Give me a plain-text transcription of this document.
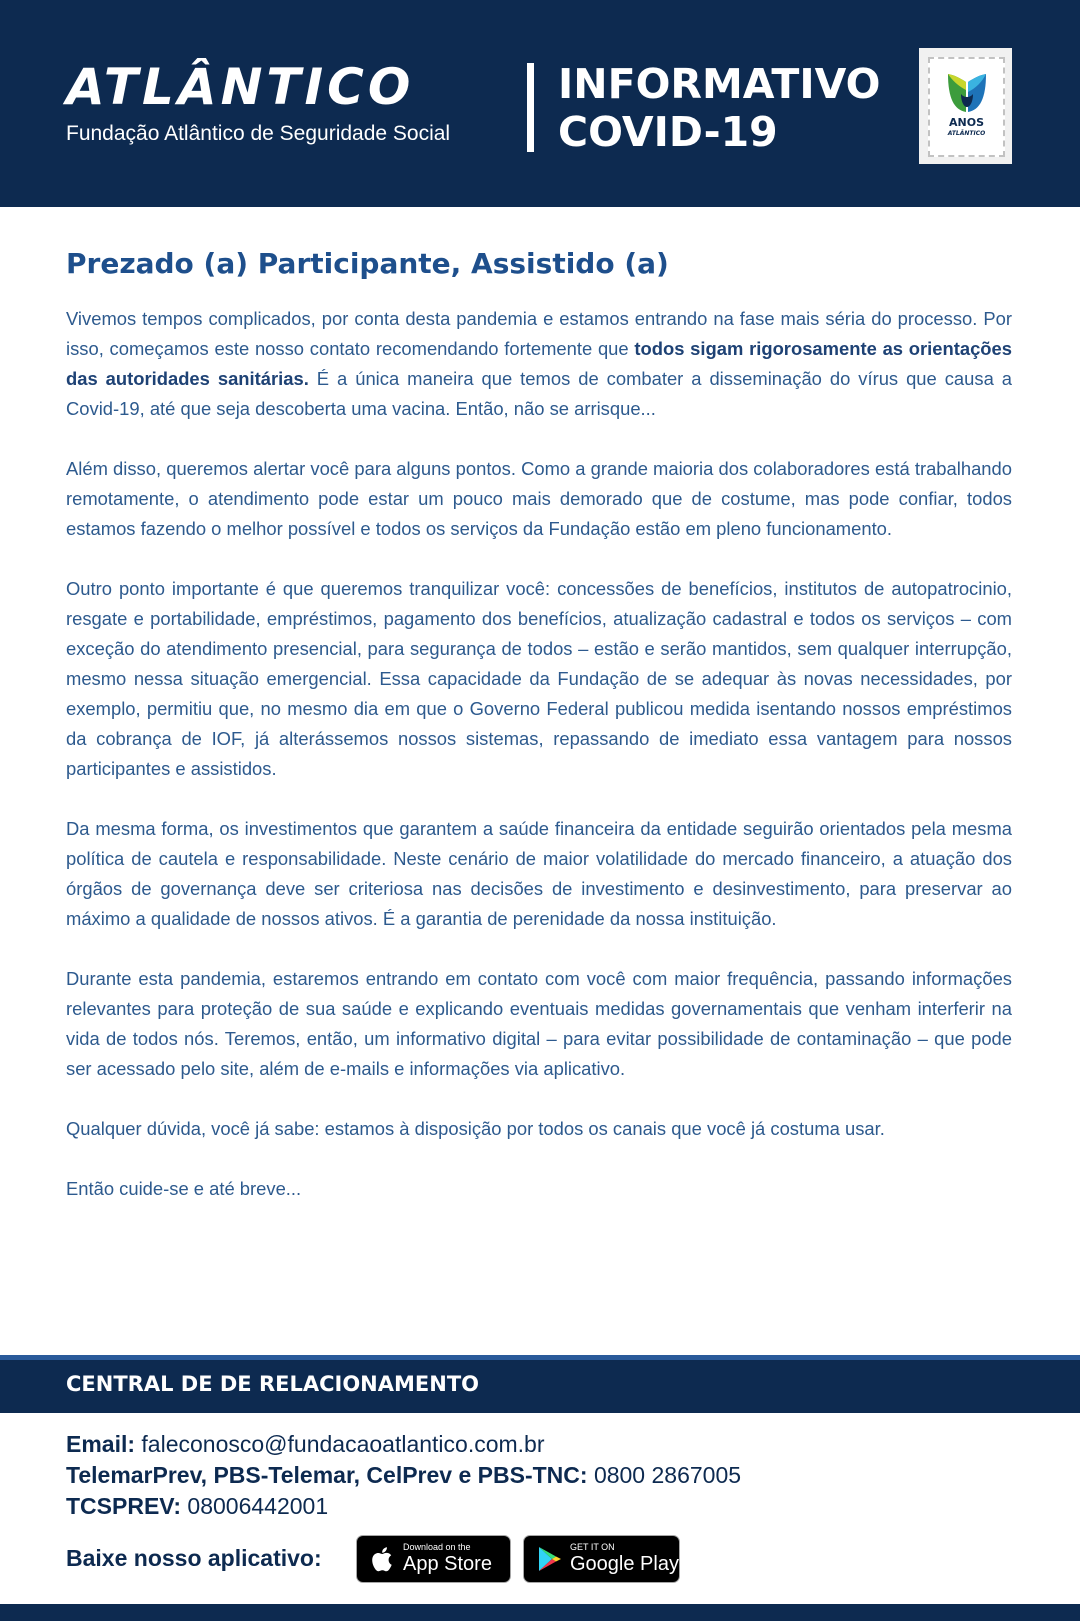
ATLÂNTICO

Fundação Atlântico de Seguridade Social

INFORMATIVO
COVID-19	ANOS
ATLÂNTICO
Prezado (a) Participante, Assistido (a)

Vivemos tempos complicados, por conta desta pandemia e estamos entrando na fase mais séria do processo. Por isso, começamos este nosso contato recomendando fortemente que todos sigam rigorosamente as orientações das autoridades sanitárias. É a única maneira que temos de combater a disseminação do vírus que causa a Covid-19, até que seja descoberta uma vacina. Então, não se arrisque...

Além disso, queremos alertar você para alguns pontos. Como a grande maioria dos colaboradores está trabalhando remotamente, o atendimento pode estar um pouco mais demorado que de costume, mas pode confiar, todos estamos fazendo o melhor possível e todos os serviços da Fundação estão em pleno funcionamento.

Outro ponto importante é que queremos tranquilizar você: concessões de benefícios, institutos de autopatrocinio, resgate e portabilidade, empréstimos, pagamento dos benefícios, atualização cadastral e todos os serviços – com exceção do atendimento presencial, para segurança de todos – estão e serão mantidos, sem qualquer interrupção, mesmo nessa situação emergencial. Essa capacidade da Fundação de se adequar às novas necessidades, por exemplo, permitiu que, no mesmo dia em que o Governo Federal publicou medida isentando nossos empréstimos da cobrança de IOF, já alterássemos nossos sistemas, repassando de imediato essa vantagem para nossos participantes e assistidos.

Da mesma forma, os investimentos que garantem a saúde financeira da entidade seguirão orientados pela mesma política de cautela e responsabilidade. Neste cenário de maior volatilidade do mercado financeiro, a atuação dos órgãos de governança deve ser criteriosa nas decisões de investimento e desinvestimento, para preservar ao máximo a qualidade de nossos ativos. É a garantia de perenidade da nossa instituição.

Durante esta pandemia, estaremos entrando em contato com você com maior frequência, passando informações relevantes para proteção de sua saúde e explicando eventuais medidas governamentais que venham interferir na vida de todos nós. Teremos, então, um informativo digital – para evitar possibilidade de contaminação – que pode ser acessado pelo site, além de e-mails e informações via aplicativo.

Qualquer dúvida, você já sabe: estamos à disposição por todos os canais que você já costuma usar.

Então cuide-se e até breve...

CENTRAL DE DE RELACIONAMENTO

Email: faleconosco@fundacaoatlantico.com.br

TelemarPrev, PBS-Telemar, CelPrev e PBS-TNC: 0800 2867005

TCSPREV: 08006442001

Baixe nosso aplicativo:	Download on the
App Store
GET IT ON
Google Play
